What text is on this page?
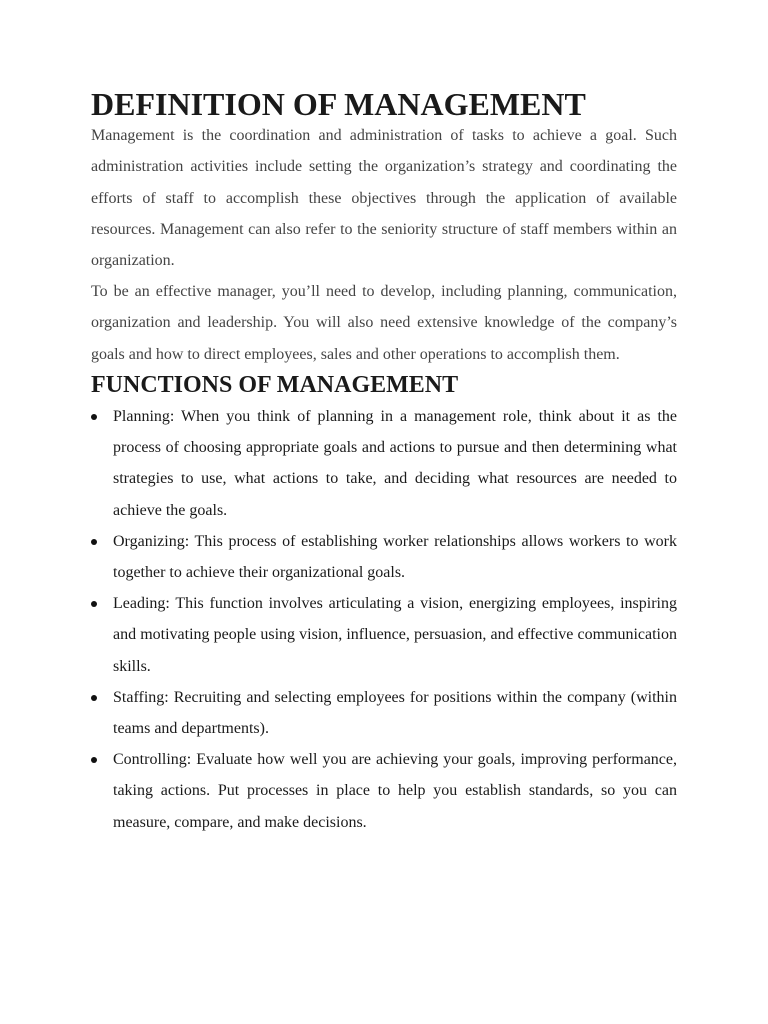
DEFINITION OF MANAGEMENT

Management is the coordination and administration of tasks to achieve a goal. Such administration activities include setting the organization’s strategy and coordinating the efforts of staff to accomplish these objectives through the application of available resources. Management can also refer to the seniority structure of staff members within an organization.

To be an effective manager, you’ll need to develop, including planning, communication, organization and leadership. You will also need extensive knowledge of the company’s goals and how to direct employees, sales and other operations to accomplish them.

FUNCTIONS OF MANAGEMENT
Planning: When you think of planning in a management role, think about it as the process of choosing appropriate goals and actions to pursue and then determining what strategies to use, what actions to take, and deciding what resources are needed to achieve the goals.
Organizing: This process of establishing worker relationships allows workers to work together to achieve their organizational goals.
Leading: This function involves articulating a vision, energizing employees, inspiring and motivating people using vision, influence, persuasion, and effective communication skills.
Staffing: Recruiting and selecting employees for positions within the company (within teams and departments).
Controlling: Evaluate how well you are achieving your goals, improving performance, taking actions. Put processes in place to help you establish standards, so you can measure, compare, and make decisions.
